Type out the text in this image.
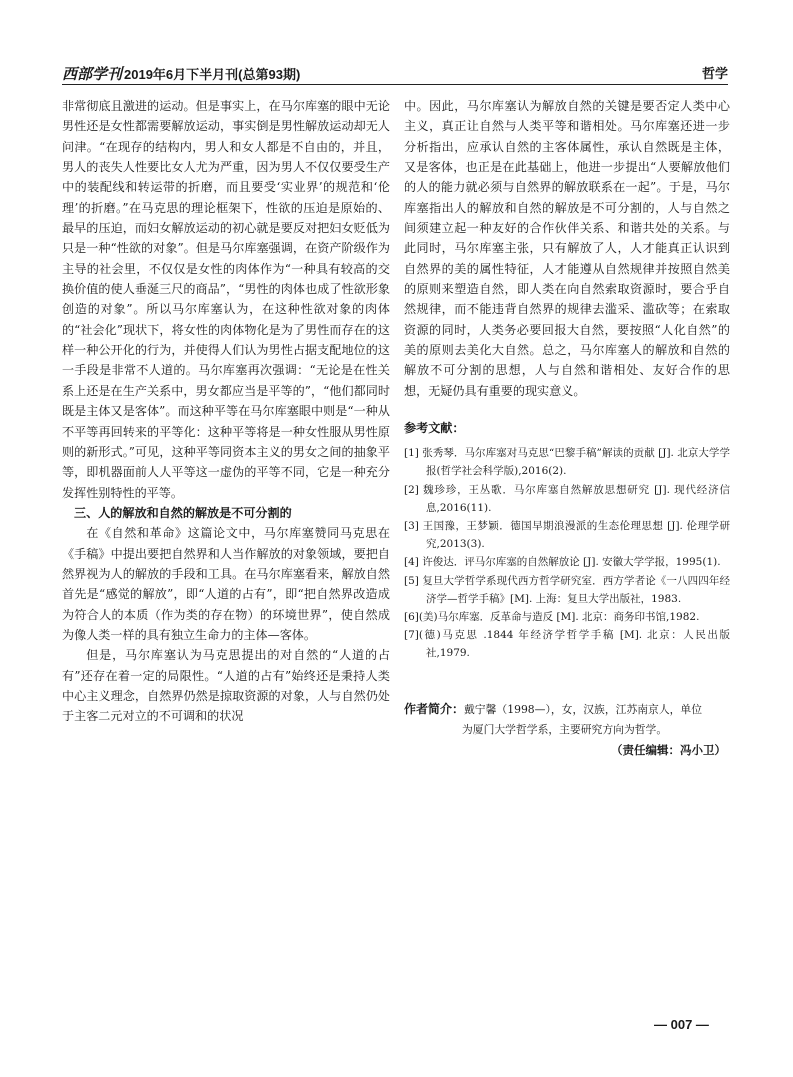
西部学刊 2019年6月下半月刊(总第93期)	哲学

非常彻底且激进的运动。但是事实上，在马尔库塞的眼中无论男性还是女性都需要解放运动，事实倒是男性解放运动却无人问津。“在现存的结构内，男人和女人都是不自由的，并且，男人的丧失人性要比女人尤为严重，因为男人不仅仅要受生产中的装配线和转运带的折磨，而且要受‘实业界’的规范和‘伦理’的折磨。”在马克思的理论框架下，性欲的压迫是原始的、最早的压迫，而妇女解放运动的初心就是要反对把妇女贬低为只是一种“性欲的对象”。但是马尔库塞强调，在资产阶级作为主导的社会里，不仅仅是女性的肉体作为“一种具有较高的交换价值的使人垂涎三尺的商品”，“男性的肉体也成了性欲形象创造的对象”。所以马尔库塞认为，在这种性欲对象的肉体的“社会化”现状下，将女性的肉体物化是为了男性而存在的这样一种公开化的行为，并使得人们认为男性占据支配地位的这一手段是非常不人道的。马尔库塞再次强调：“无论是在性关系上还是在生产关系中，男女都应当是平等的”，“他们都同时既是主体又是客体”。而这种平等在马尔库塞眼中则是“一种从不平等再回转来的平等化：这种平等将是一种女性服从男性原则的新形式。”可见，这种平等同资本主义的男女之间的抽象平等，即机器面前人人平等这一虚伪的平等不同，它是一种充分发挥性别特性的平等。

三、人的解放和自然的解放是不可分割的

在《自然和革命》这篇论文中，马尔库塞赞同马克思在《手稿》中提出要把自然界和人当作解放的对象领域，要把自然界视为人的解放的手段和工具。在马尔库塞看来，解放自然首先是“感觉的解放”，即“人道的占有”，即“把自然界改造成为符合人的本质（作为类的存在物）的环境世界”，使自然成为像人类一样的具有独立生命力的主体—客体。

但是，马尔库塞认为马克思提出的对自然的“人道的占有”还存在着一定的局限性。“人道的占有”始终还是秉持人类中心主义理念，自然界仍然是掠取资源的对象，人与自然仍处于主客二元对立的不可调和的状况

中。因此，马尔库塞认为解放自然的关键是要否定人类中心主义，真正让自然与人类平等和谐相处。马尔库塞还进一步分析指出，应承认自然的主客体属性，承认自然既是主体，又是客体，也正是在此基础上，他进一步提出“人要解放他们的人的能力就必须与自然界的解放联系在一起”。于是，马尔库塞指出人的解放和自然的解放是不可分割的，人与自然之间须建立起一种友好的合作伙伴关系、和谐共处的关系。与此同时，马尔库塞主张，只有解放了人，人才能真正认识到自然界的美的属性特征，人才能遵从自然规律并按照自然美的原则来塑造自然，即人类在向自然索取资源时，要合乎自然规律，而不能违背自然界的规律去滥采、滥砍等；在索取资源的同时，人类务必要回报大自然，要按照“人化自然”的美的原则去美化大自然。总之，马尔库塞人的解放和自然的解放不可分割的思想，人与自然和谐相处、友好合作的思想，无疑仍具有重要的现实意义。

参考文献：

[1] 张秀琴．马尔库塞对马克思“巴黎手稿”解读的贡献 [J]. 北京大学学报(哲学社会科学版),2016(2).

[2] 魏珍珍，王丛歌．马尔库塞自然解放思想研究 [J]. 现代经济信息,2016(11).

[3] 王国豫，王梦颖．德国早期浪漫派的生态伦理思想 [J]. 伦理学研究,2013(3).

[4] 许俊达．评马尔库塞的自然解放论 [J]. 安徽大学学报，1995(1).

[5] 复旦大学哲学系现代西方哲学研究室．西方学者论《一八四四年经济学—哲学手稿》[M]. 上海：复旦大学出版社，1983.

[6](美)马尔库塞．反革命与造反 [M]. 北京：商务印书馆,1982.

[7](德)马克思 .1844 年经济学哲学手稿 [M]. 北京：人民出版社,1979.

作者简介：戴宁馨（1998—），女，汉族，江苏南京人，单位
为厦门大学哲学系，主要研究方向为哲学。
（责任编辑：冯小卫）
— 007 —
